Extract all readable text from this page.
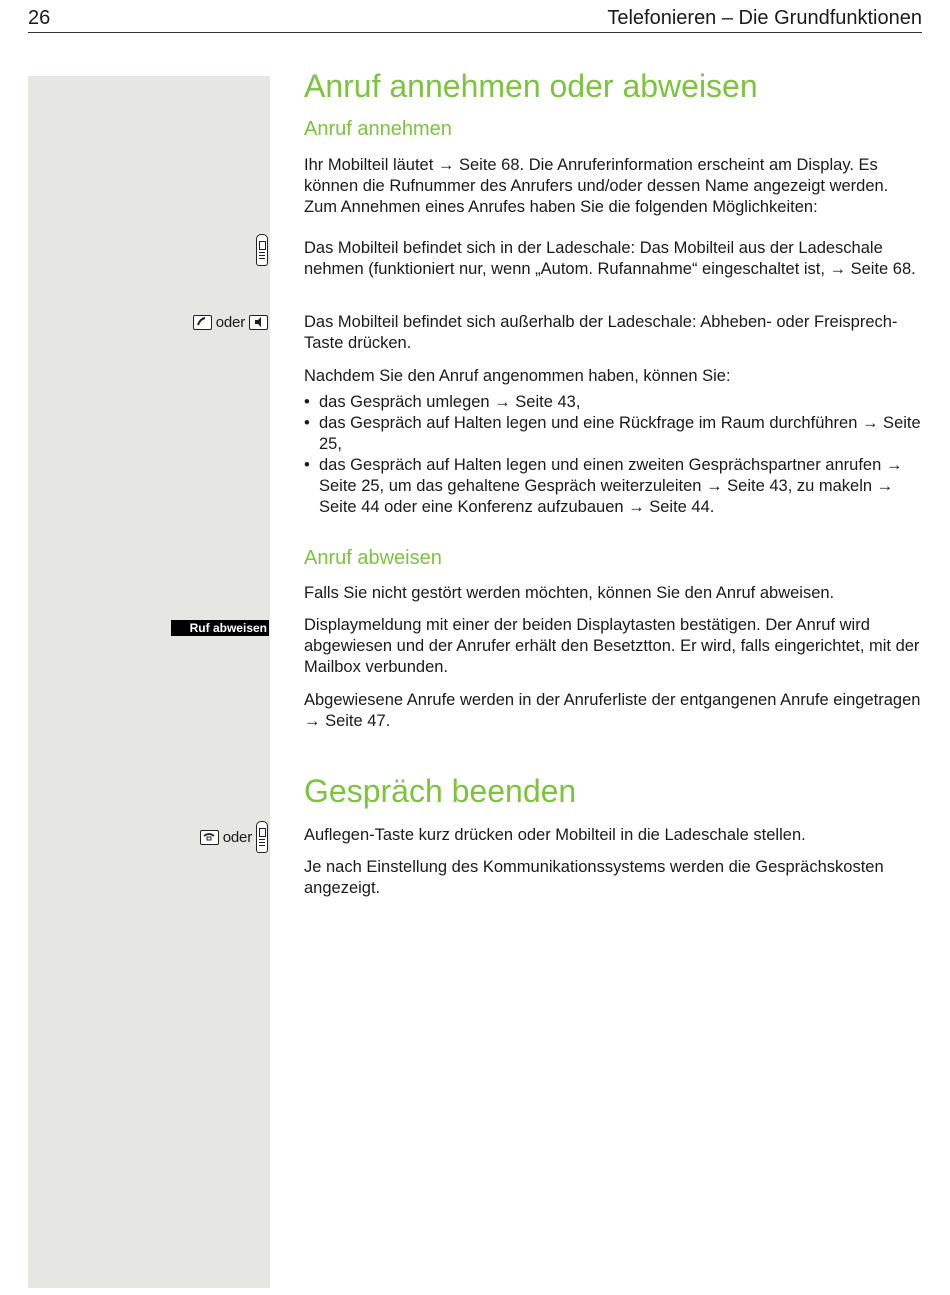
26	Telefonieren – Die Grundfunktionen
Anruf annehmen oder abweisen
Anruf annehmen

Ihr Mobilteil läutet → Seite 68. Die Anruferinformation erscheint am Display. Es können die Rufnummer des Anrufers und/oder dessen Name angezeigt werden. Zum Annehmen eines Anrufes haben Sie die folgenden Möglichkeiten:

Das Mobilteil befindet sich in der Ladeschale: Das Mobilteil aus der Ladeschale nehmen (funktioniert nur, wenn „Autom. Rufannahme“ eingeschaltet ist, → Seite 68.

oder	Das Mobilteil befindet sich außerhalb der Ladeschale: Abheben- oder Freisprech-Taste drücken.

Nachdem Sie den Anruf angenommen haben, können Sie:

• das Gespräch umlegen → Seite 43,
• das Gespräch auf Halten legen und eine Rückfrage im Raum durchführen → Seite 25,
• das Gespräch auf Halten legen und einen zweiten Gesprächspartner anrufen → Seite 25, um das gehaltene Gespräch weiterzuleiten → Seite 43, zu makeln → Seite 44 oder eine Konferenz aufzubauen → Seite 44.
Anruf abweisen

Falls Sie nicht gestört werden möchten, können Sie den Anruf abweisen.

Ruf abweisen Displaymeldung mit einer der beiden Displaytasten bestätigen. Der Anruf wird abgewiesen und der Anrufer erhält den Besetztton. Er wird, falls eingerichtet, mit der Mailbox verbunden.

Abgewiesene Anrufe werden in der Anruferliste der entgangenen Anrufe eingetragen → Seite 47.

Gespräch beenden
oder	Auflegen-Taste kurz drücken oder Mobilteil in die Ladeschale stellen.

Je nach Einstellung des Kommunikationssystems werden die Gesprächskosten angezeigt.
